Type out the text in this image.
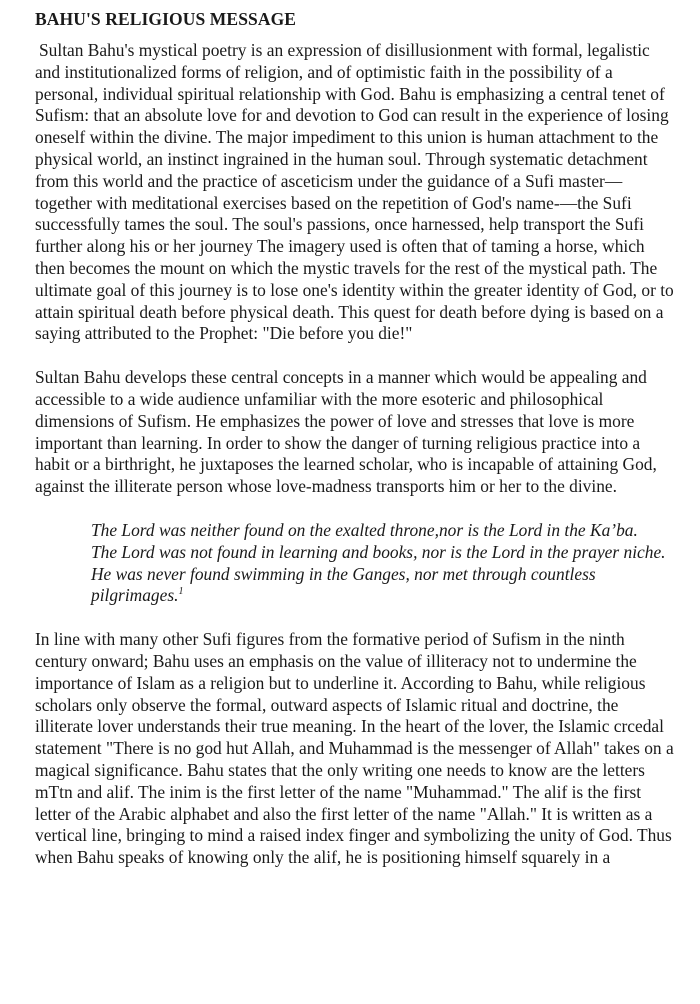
BAHU'S RELIGIOUS MESSAGE

Sultan Bahu's mystical poetry is an expression of disillusionment with formal, legalistic and institutionalized forms of religion, and of optimistic faith in the possibility of a personal, individual spiritual relationship with God. Bahu is emphasizing a central tenet of Sufism: that an absolute love for and devotion to God can result in the experience of losing oneself within the divine. The major impediment to this union is human attachment to the physical world, an instinct ingrained in the human soul. Through systematic detachment from this world and the practice of asceticism under the guidance of a Sufi master—together with meditational exercises based on the repetition of God's name-—the Sufi successfully tames the soul. The soul's passions, once harnessed, help transport the Sufi further along his or her journey The imagery used is often that of taming a horse, which then becomes the mount on which the mystic travels for the rest of the mystical path. The ultimate goal of this journey is to lose one's identity within the greater identity of God, or to attain spiritual death before physical death. This quest for death before dying is based on a saying attributed to the Prophet: "Die before you die!"

Sultan Bahu develops these central concepts in a manner which would be appealing and accessible to a wide audience unfamiliar with the more esoteric and philosophical dimensions of Sufism. He emphasizes the power of love and stresses that love is more important than learning. In order to show the danger of turning religious practice into a habit or a birthright, he juxtaposes the learned scholar, who is incapable of attaining God, against the illiterate person whose love-madness transports him or her to the divine.

The Lord was neither found on the exalted throne,nor is the Lord in the Ka’ba.
The Lord was not found in learning and books, nor is the Lord in the prayer niche.
He was never found swimming in the Ganges, nor met through countless pilgrimages.$^1$

In line with many other Sufi figures from the formative period of Sufism in the ninth century onward; Bahu uses an emphasis on the value of illiteracy not to undermine the importance of Islam as a religion but to underline it. According to Bahu, while religious scholars only observe the formal, outward aspects of Islamic ritual and doctrine, the illiterate lover understands their true meaning. In the heart of the lover, the Islamic crcedal statement "There is no god hut Allah, and Muhammad is the messenger of Allah" takes on a magical significance. Bahu states that the only writing one needs to know are the letters mTtn and alif. The inim is the first letter of the name "Muhammad." The alif is the first letter of the Arabic alphabet and also the first letter of the name "Allah." It is written as a vertical line, bringing to mind a raised index finger and symbolizing the unity of God. Thus when Bahu speaks of knowing only the alif, he is positioning himself squarely in a
